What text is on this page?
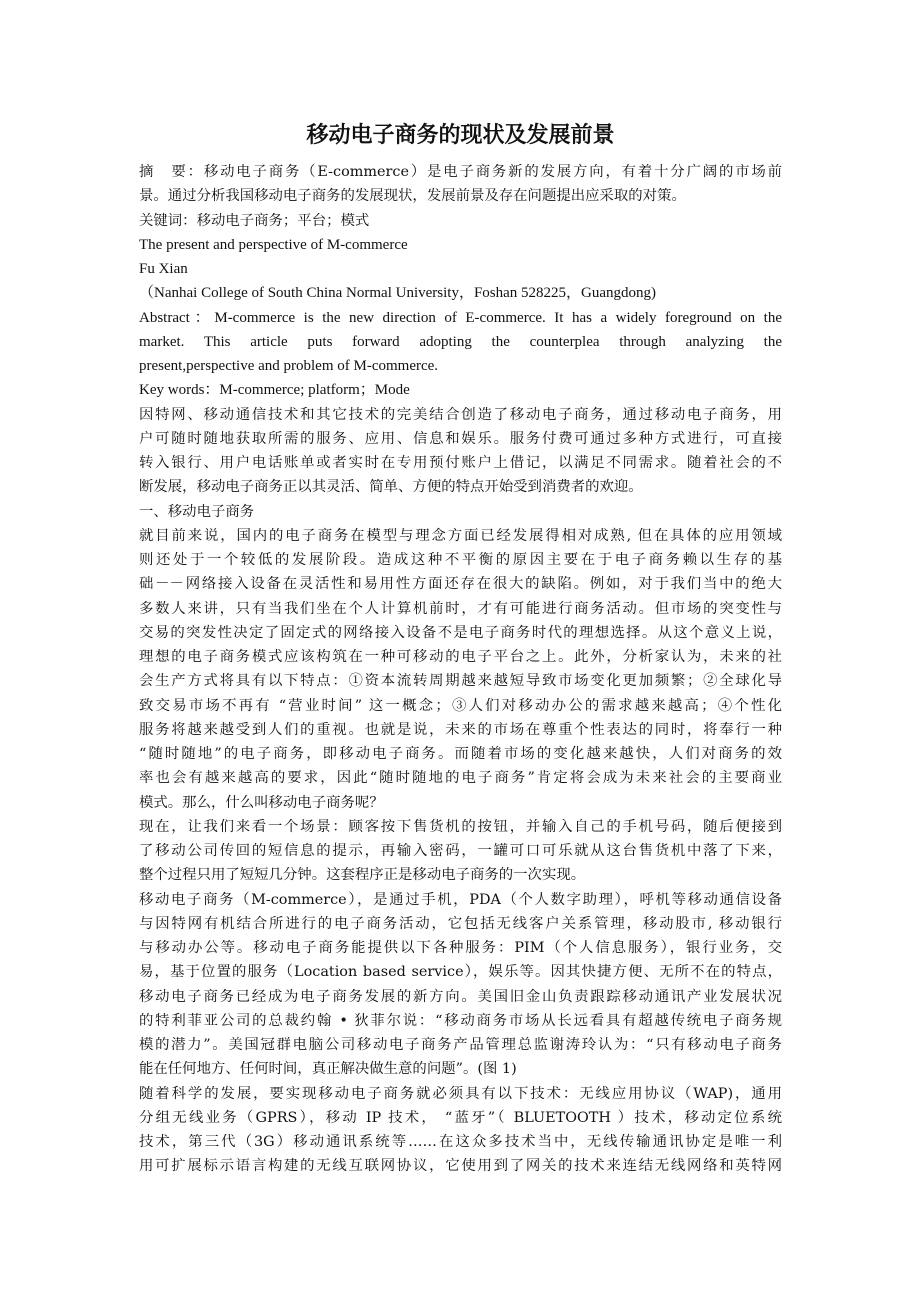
移动电子商务的现状及发展前景
摘　要：移动电子商务（E-commerce）是电子商务新的发展方向，有着十分广阔的市场前
景。通过分析我国移动电子商务的发展现状，发展前景及存在问题提出应采取的对策。
关键词：移动电子商务；平台；模式
The present and perspective of M-commerce
Fu Xian
（Nanhai College of South China Normal University，Foshan 528225，Guangdong)
Abstract：M-commerce is the new direction of E-commerce. It has a widely foreground on the
market. This article puts forward adopting the counterplea through analyzing the
present,perspective and problem of M-commerce.
Key words：M-commerce; platform；Mode
因特网、移动通信技术和其它技术的完美结合创造了移动电子商务，通过移动电子商务，用
户可随时随地获取所需的服务、应用、信息和娱乐。服务付费可通过多种方式进行，可直接
转入银行、用户电话账单或者实时在专用预付账户上借记，以满足不同需求。随着社会的不
断发展，移动电子商务正以其灵活、简单、方便的特点开始受到消费者的欢迎。
一、移动电子商务
就目前来说，国内的电子商务在模型与理念方面已经发展得相对成熟, 但在具体的应用领域
则还处于一个较低的发展阶段。造成这种不平衡的原因主要在于电子商务赖以生存的基
础－－网络接入设备在灵活性和易用性方面还存在很大的缺陷。例如，对于我们当中的绝大
多数人来讲，只有当我们坐在个人计算机前时，才有可能进行商务活动。但市场的突变性与
交易的突发性决定了固定式的网络接入设备不是电子商务时代的理想选择。从这个意义上说，
理想的电子商务模式应该构筑在一种可移动的电子平台之上。此外，分析家认为，未来的社
会生产方式将具有以下特点：①资本流转周期越来越短导致市场变化更加频繁；②全球化导
致交易市场不再有 “营业时间” 这一概念；③人们对移动办公的需求越来越高；④个性化
服务将越来越受到人们的重视。也就是说，未来的市场在尊重个性表达的同时，将奉行一种
“随时随地”的电子商务，即移动电子商务。而随着市场的变化越来越快，人们对商务的效
率也会有越来越高的要求，因此“随时随地的电子商务”肯定将会成为未来社会的主要商业
模式。那么，什么叫移动电子商务呢？
现在，让我们来看一个场景：顾客按下售货机的按钮，并输入自己的手机号码，随后便接到
了移动公司传回的短信息的提示，再输入密码，一罐可口可乐就从这台售货机中落了下来，
整个过程只用了短短几分钟。这套程序正是移动电子商务的一次实现。
移动电子商务（M-commerce），是通过手机，PDA（个人数字助理），呼机等移动通信设备
与因特网有机结合所进行的电子商务活动，它包括无线客户关系管理，移动股市, 移动银行
与移动办公等。移动电子商务能提供以下各种服务：PIM（个人信息服务），银行业务，交
易，基于位置的服务（Location based service），娱乐等。因其快捷方便、无所不在的特点，
移动电子商务已经成为电子商务发展的新方向。美国旧金山负责跟踪移动通讯产业发展状况
的特利菲亚公司的总裁约翰 • 狄菲尔说：“移动商务市场从长远看具有超越传统电子商务规
模的潜力”。美国冠群电脑公司移动电子商务产品管理总监谢涛玲认为：“只有移动电子商务
能在任何地方、任何时间，真正解决做生意的问题”。(图 1)
随着科学的发展，要实现移动电子商务就必须具有以下技术：无线应用协议（WAP)，通用
分组无线业务（GPRS），移动 IP 技术， “蓝牙”（ BLUETOOTH ）技术，移动定位系统
技术，第三代（3G）移动通讯系统等……在这众多技术当中，无线传输通讯协定是唯一利
用可扩展标示语言构建的无线互联网协议，它使用到了网关的技术来连结无线网络和英特网
